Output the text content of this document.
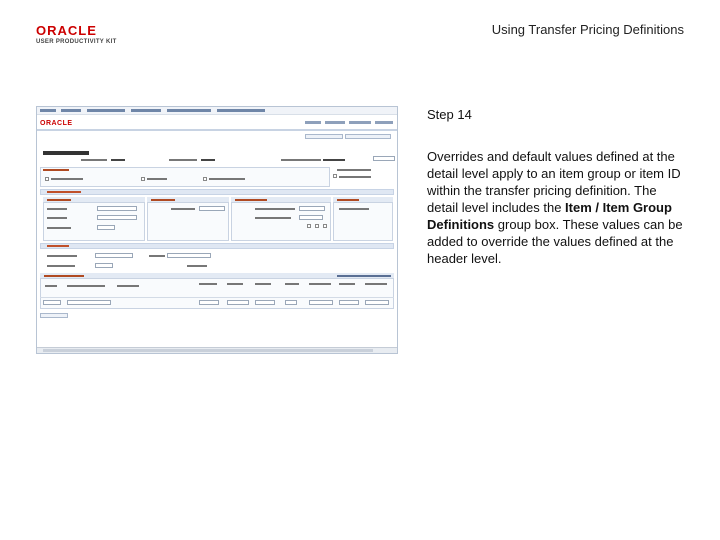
ORACLE
USER PRODUCTIVITY KIT
Using Transfer Pricing Definitions
ORACLE
Step 14
Overrides and default values defined at the detail level apply to an item group or item ID within the transfer pricing definition. The detail level includes the Item / Item Group Definitions group box. These values can be added to override the values defined at the header level.
